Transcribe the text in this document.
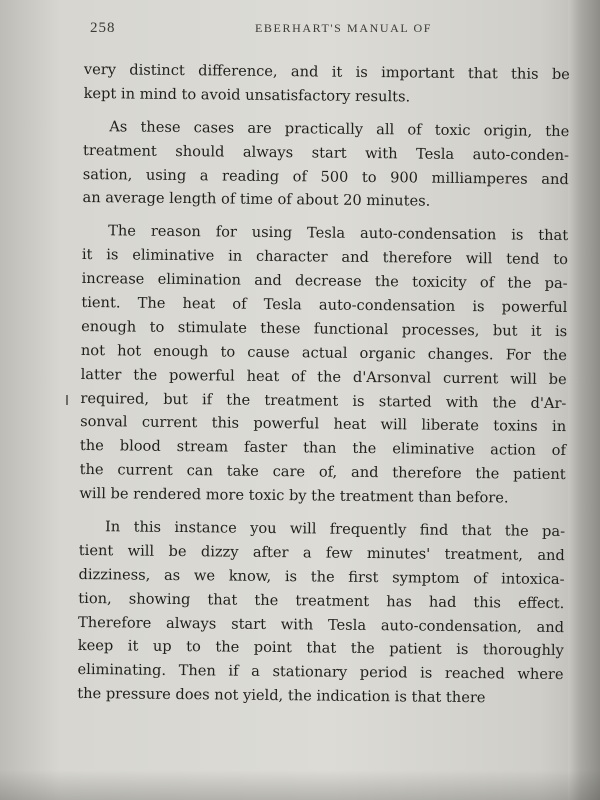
258	EBERHART'S MANUAL OF
very distinct difference, and it is important that this be
kept in mind to avoid unsatisfactory results.
As these cases are practically all of toxic origin, the
treatment should always start with Tesla auto-conden-
sation, using a reading of 500 to 900 milliamperes and
an average length of time of about 20 minutes.
The reason for using Tesla auto-condensation is that
it is eliminative in character and therefore will tend to
increase elimination and decrease the toxicity of the pa-
tient. The heat of Tesla auto-condensation is powerful
enough to stimulate these functional processes, but it is
not hot enough to cause actual organic changes. For the
latter the powerful heat of the d'Arsonval current will be
required, but if the treatment is started with the d'Ar-
sonval current this powerful heat will liberate toxins in
the blood stream faster than the eliminative action of
the current can take care of, and therefore the patient
will be rendered more toxic by the treatment than before.
In this instance you will frequently find that the pa-
tient will be dizzy after a few minutes' treatment, and
dizziness, as we know, is the first symptom of intoxica-
tion, showing that the treatment has had this effect.
Therefore always start with Tesla auto-condensation, and
keep it up to the point that the patient is thoroughly
eliminating. Then if a stationary period is reached where
the pressure does not yield, the indication is that there
